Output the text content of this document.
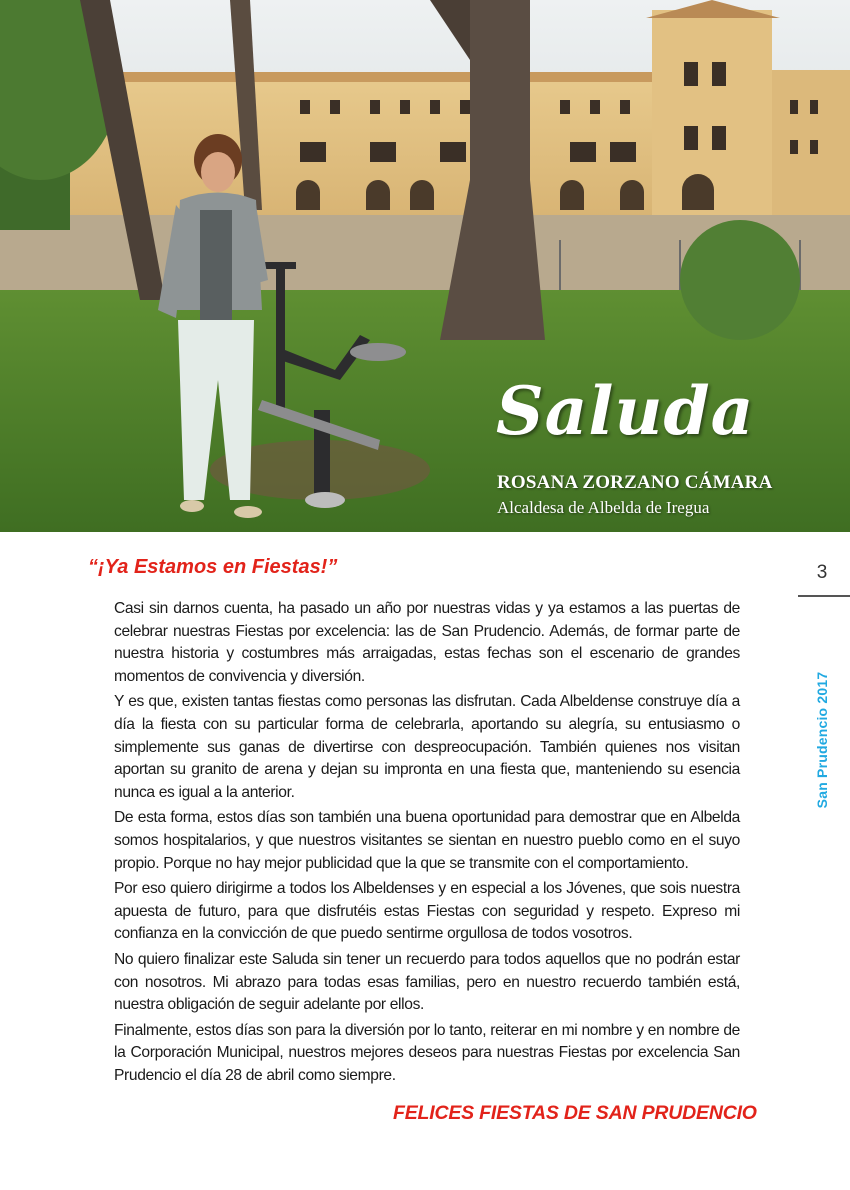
Saluda
ROSANA ZORZANO CÁMARA
Alcaldesa de Albelda de Iregua
“¡Ya Estamos en Fiestas!”	3
San Prudencio 2017

Casi sin darnos cuenta, ha pasado un año por nuestras vidas y ya estamos a las puertas de celebrar nuestras Fiestas por excelencia: las de San Prudencio. Además, de formar parte de nuestra historia y costumbres más arraigadas, estas fechas son el escenario de grandes momentos de convivencia y diversión.

Y es que, existen tantas fiestas como personas las disfrutan. Cada Albeldense construye día a día la fiesta con su particular forma de celebrarla, aportando su alegría, su entusiasmo o simplemente sus ganas de divertirse con despreocupación. También quienes nos visitan aportan su granito de arena y dejan su impronta en una fiesta que, manteniendo su esencia nunca es igual a la anterior.

De esta forma, estos días son también una buena oportunidad para demostrar que en Albelda somos hospitalarios, y que nuestros visitantes se sientan en nuestro pueblo como en el suyo propio. Porque no hay mejor publicidad que la que se transmite con el comportamiento.

Por eso quiero dirigirme a todos los Albeldenses y en especial a los Jóvenes, que sois nuestra apuesta de futuro, para que disfrutéis estas Fiestas con seguridad y respeto. Expreso mi confianza en la convicción de que puedo sentirme orgullosa de todos vosotros.

No quiero finalizar este Saluda sin tener un recuerdo para todos aquellos que no podrán estar con nosotros. Mi abrazo para todas esas familias, pero en nuestro recuerdo también está, nuestra obligación de seguir adelante por ellos.

Finalmente, estos días son para la diversión por lo tanto, reiterar en mi nombre y en nombre de la Corporación Municipal, nuestros mejores deseos para nuestras Fiestas por excelencia San Prudencio el día 28 de abril como siempre.

FELICES FIESTAS DE SAN PRUDENCIO
